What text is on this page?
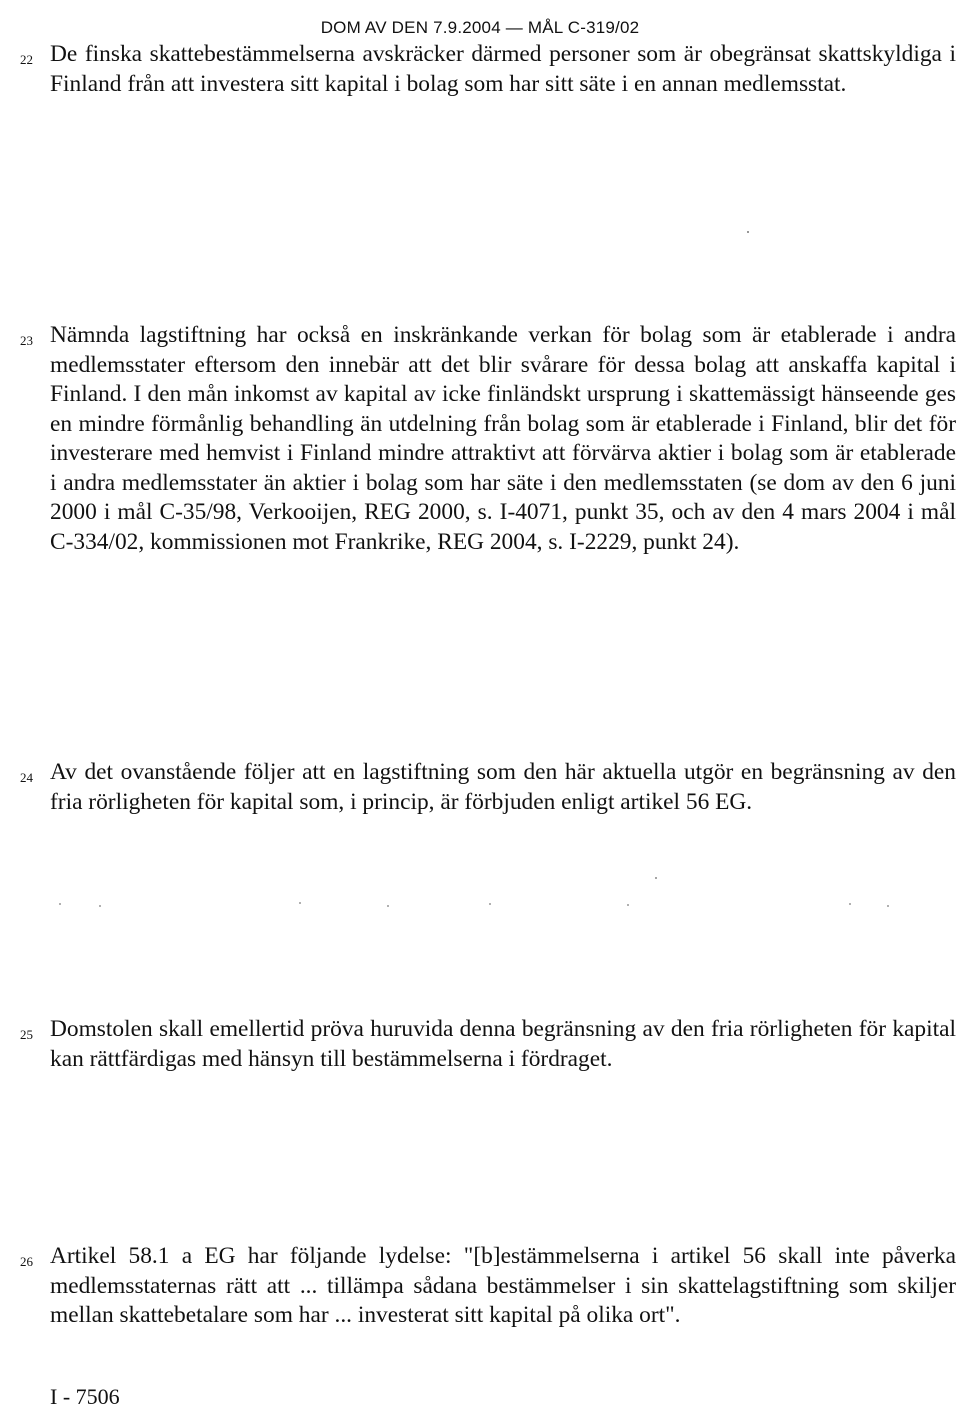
DOM AV DEN 7.9.2004 — MÅL C-319/02
22 De finska skattebestämmelserna avskräcker därmed personer som är obegränsat skattskyldiga i Finland från att investera sitt kapital i bolag som har sitt säte i en annan medlemsstat.
23 Nämnda lagstiftning har också en inskränkande verkan för bolag som är etablerade i andra medlemsstater eftersom den innebär att det blir svårare för dessa bolag att anskaffa kapital i Finland. I den mån inkomst av kapital av icke finländskt ursprung i skattemässigt hänseende ges en mindre förmånlig behandling än utdelning från bolag som är etablerade i Finland, blir det för investerare med hemvist i Finland mindre attraktivt att förvärva aktier i bolag som är etablerade i andra medlemsstater än aktier i bolag som har säte i den medlemsstaten (se dom av den 6 juni 2000 i mål C-35/98, Verkooijen, REG 2000, s. I-4071, punkt 35, och av den 4 mars 2004 i mål C-334/02, kommissionen mot Frankrike, REG 2004, s. I-2229, punkt 24).
24 Av det ovanstående följer att en lagstiftning som den här aktuella utgör en begränsning av den fria rörligheten för kapital som, i princip, är förbjuden enligt artikel 56 EG.
25 Domstolen skall emellertid pröva huruvida denna begränsning av den fria rörligheten för kapital kan rättfärdigas med hänsyn till bestämmelserna i fördraget.
26 Artikel 58.1 a EG har följande lydelse: "[b]estämmelserna i artikel 56 skall inte påverka medlemsstaternas rätt att ... tillämpa sådana bestämmelser i sin skattelagstiftning som skiljer mellan skattebetalare som har ... investerat sitt kapital på olika ort".
I - 7506
